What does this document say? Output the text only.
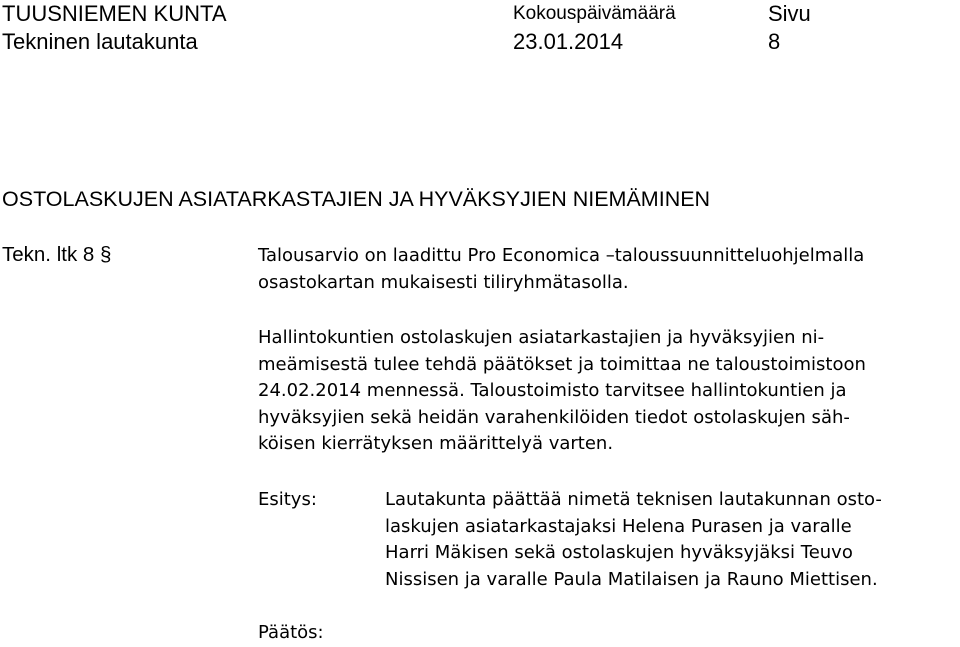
TUUSNIEMEN KUNTA
Tekninen lautakunta
Kokouspäivämäärä
23.01.2014
Sivu
8
OSTOLASKUJEN ASIATARKASTAJIEN JA HYVÄKSYJIEN NIEMÄMINEN
Tekn. ltk 8 §	Talousarvio on laadittu Pro Economica –taloussuunnitteluohjelmalla
osastokartan mukaisesti tiliryhmätasolla.
Hallintokuntien ostolaskujen asiatarkastajien ja hyväksyjien ni-
meämisestä tulee tehdä päätökset ja toimittaa ne taloustoimistoon
24.02.2014 mennessä. Taloustoimisto tarvitsee hallintokuntien ja
hyväksyjien sekä heidän varahenkilöiden tiedot ostolaskujen säh-
köisen kierrätyksen määrittelyä varten.
Esitys:	Lautakunta päättää nimetä teknisen lautakunnan osto-
laskujen asiatarkastajaksi Helena Purasen ja varalle
Harri Mäkisen sekä ostolaskujen hyväksyjäksi Teuvo
Nissisen ja varalle Paula Matilaisen ja Rauno Miettisen.
Päätös:
